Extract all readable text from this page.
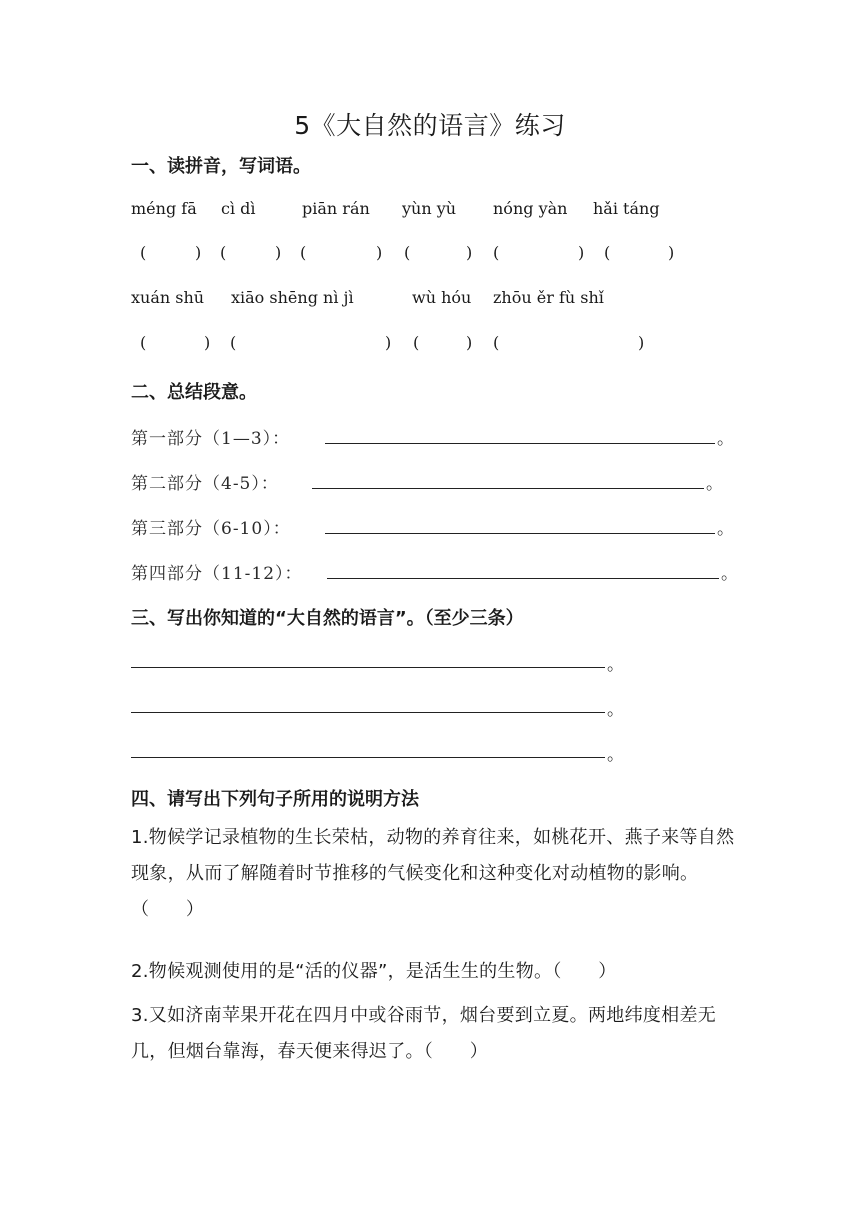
5《大自然的语言》练习
一、读拼音，写词语。
méng fā cì dì	piān rán yùn yù nóng yàn hǎi táng
(	) (	) (	) (	) (	) (	)
xuán shū xiāo shēng nì jì	wù hóu zhōu ěr fù shǐ
(	) (	) (	) (	)
二、总结段意。
第一部分（1—3）：	。
第二部分（4-5）：	。
第三部分（6-10）：	。
第四部分（11-12）：	。
三、写出你知道的“大自然的语言”。（至少三条）
。
。
。
四、请写出下列句子所用的说明方法
1.物候学记录植物的生长荣枯，动物的养育往来，如桃花开、燕子来等自然现象，从而了解随着时节推移的气候变化和这种变化对动植物的影响。（　　）
2.物候观测使用的是“活的仪器”，是活生生的生物。（　　）
3.又如济南苹果开花在四月中或谷雨节，烟台要到立夏。两地纬度相差无几，但烟台靠海，春天便来得迟了。（　　）
